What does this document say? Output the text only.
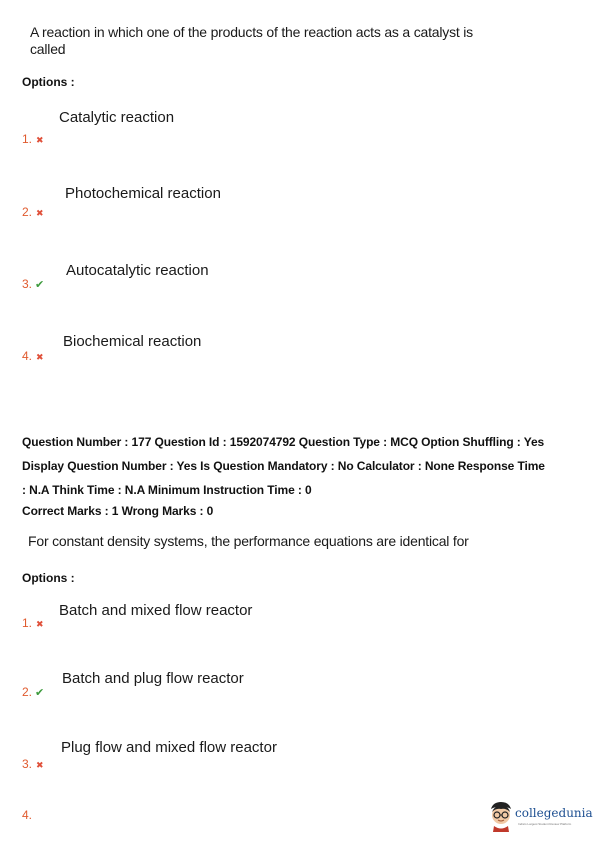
A reaction in which one of the products of the reaction acts as a catalyst is
called
Options :
Catalytic reaction
1. ✖
Photochemical reaction
2. ✖
Autocatalytic reaction
3. ✔
Biochemical reaction
4. ✖
Question Number : 177 Question Id : 1592074792 Question Type : MCQ Option Shuffling : Yes
Display Question Number : Yes Is Question Mandatory : No Calculator : None Response Time
: N.A Think Time : N.A Minimum Instruction Time : 0
Correct Marks : 1 Wrong Marks : 0
For constant density systems, the performance equations are identical for
Options :
Batch and mixed flow reactor
1. ✖
Batch and plug flow reactor
2. ✔
Plug flow and mixed flow reactor
3. ✖
4.	collegedunia
India's Largest Student Review Platform
